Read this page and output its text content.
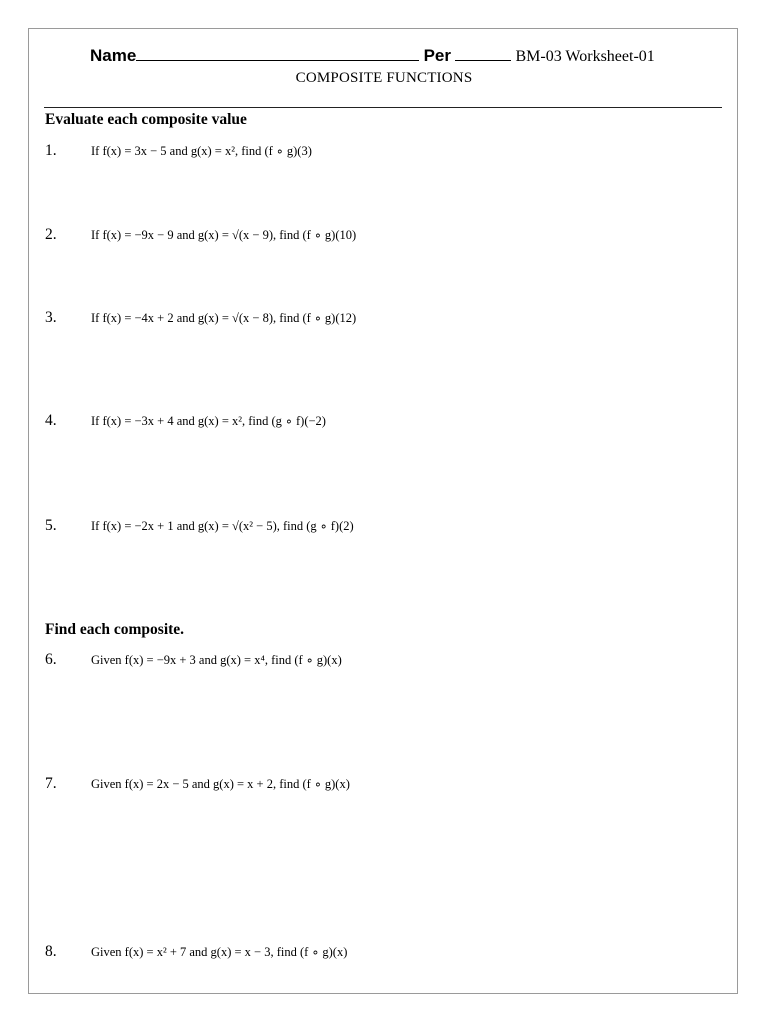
Name	Per	BM-03 Worksheet-01
COMPOSITE FUNCTIONS
Evaluate each composite value
1.	If f(x) = 3x − 5 and g(x) = x², find (f ∘ g)(3)
2.	If f(x) = −9x − 9 and g(x) = √(x − 9), find (f ∘ g)(10)
3.	If f(x) = −4x + 2 and g(x) = √(x − 8), find (f ∘ g)(12)
4.	If f(x) = −3x + 4 and g(x) = x², find (g ∘ f)(−2)
5.	If f(x) = −2x + 1 and g(x) = √(x² − 5), find (g ∘ f)(2)
Find each composite.
6.	Given f(x) = −9x + 3 and g(x) = x⁴, find (f ∘ g)(x)
7.	Given f(x) = 2x − 5 and g(x) = x + 2, find (f ∘ g)(x)
8.	Given f(x) = x² + 7 and g(x) = x − 3, find (f ∘ g)(x)
